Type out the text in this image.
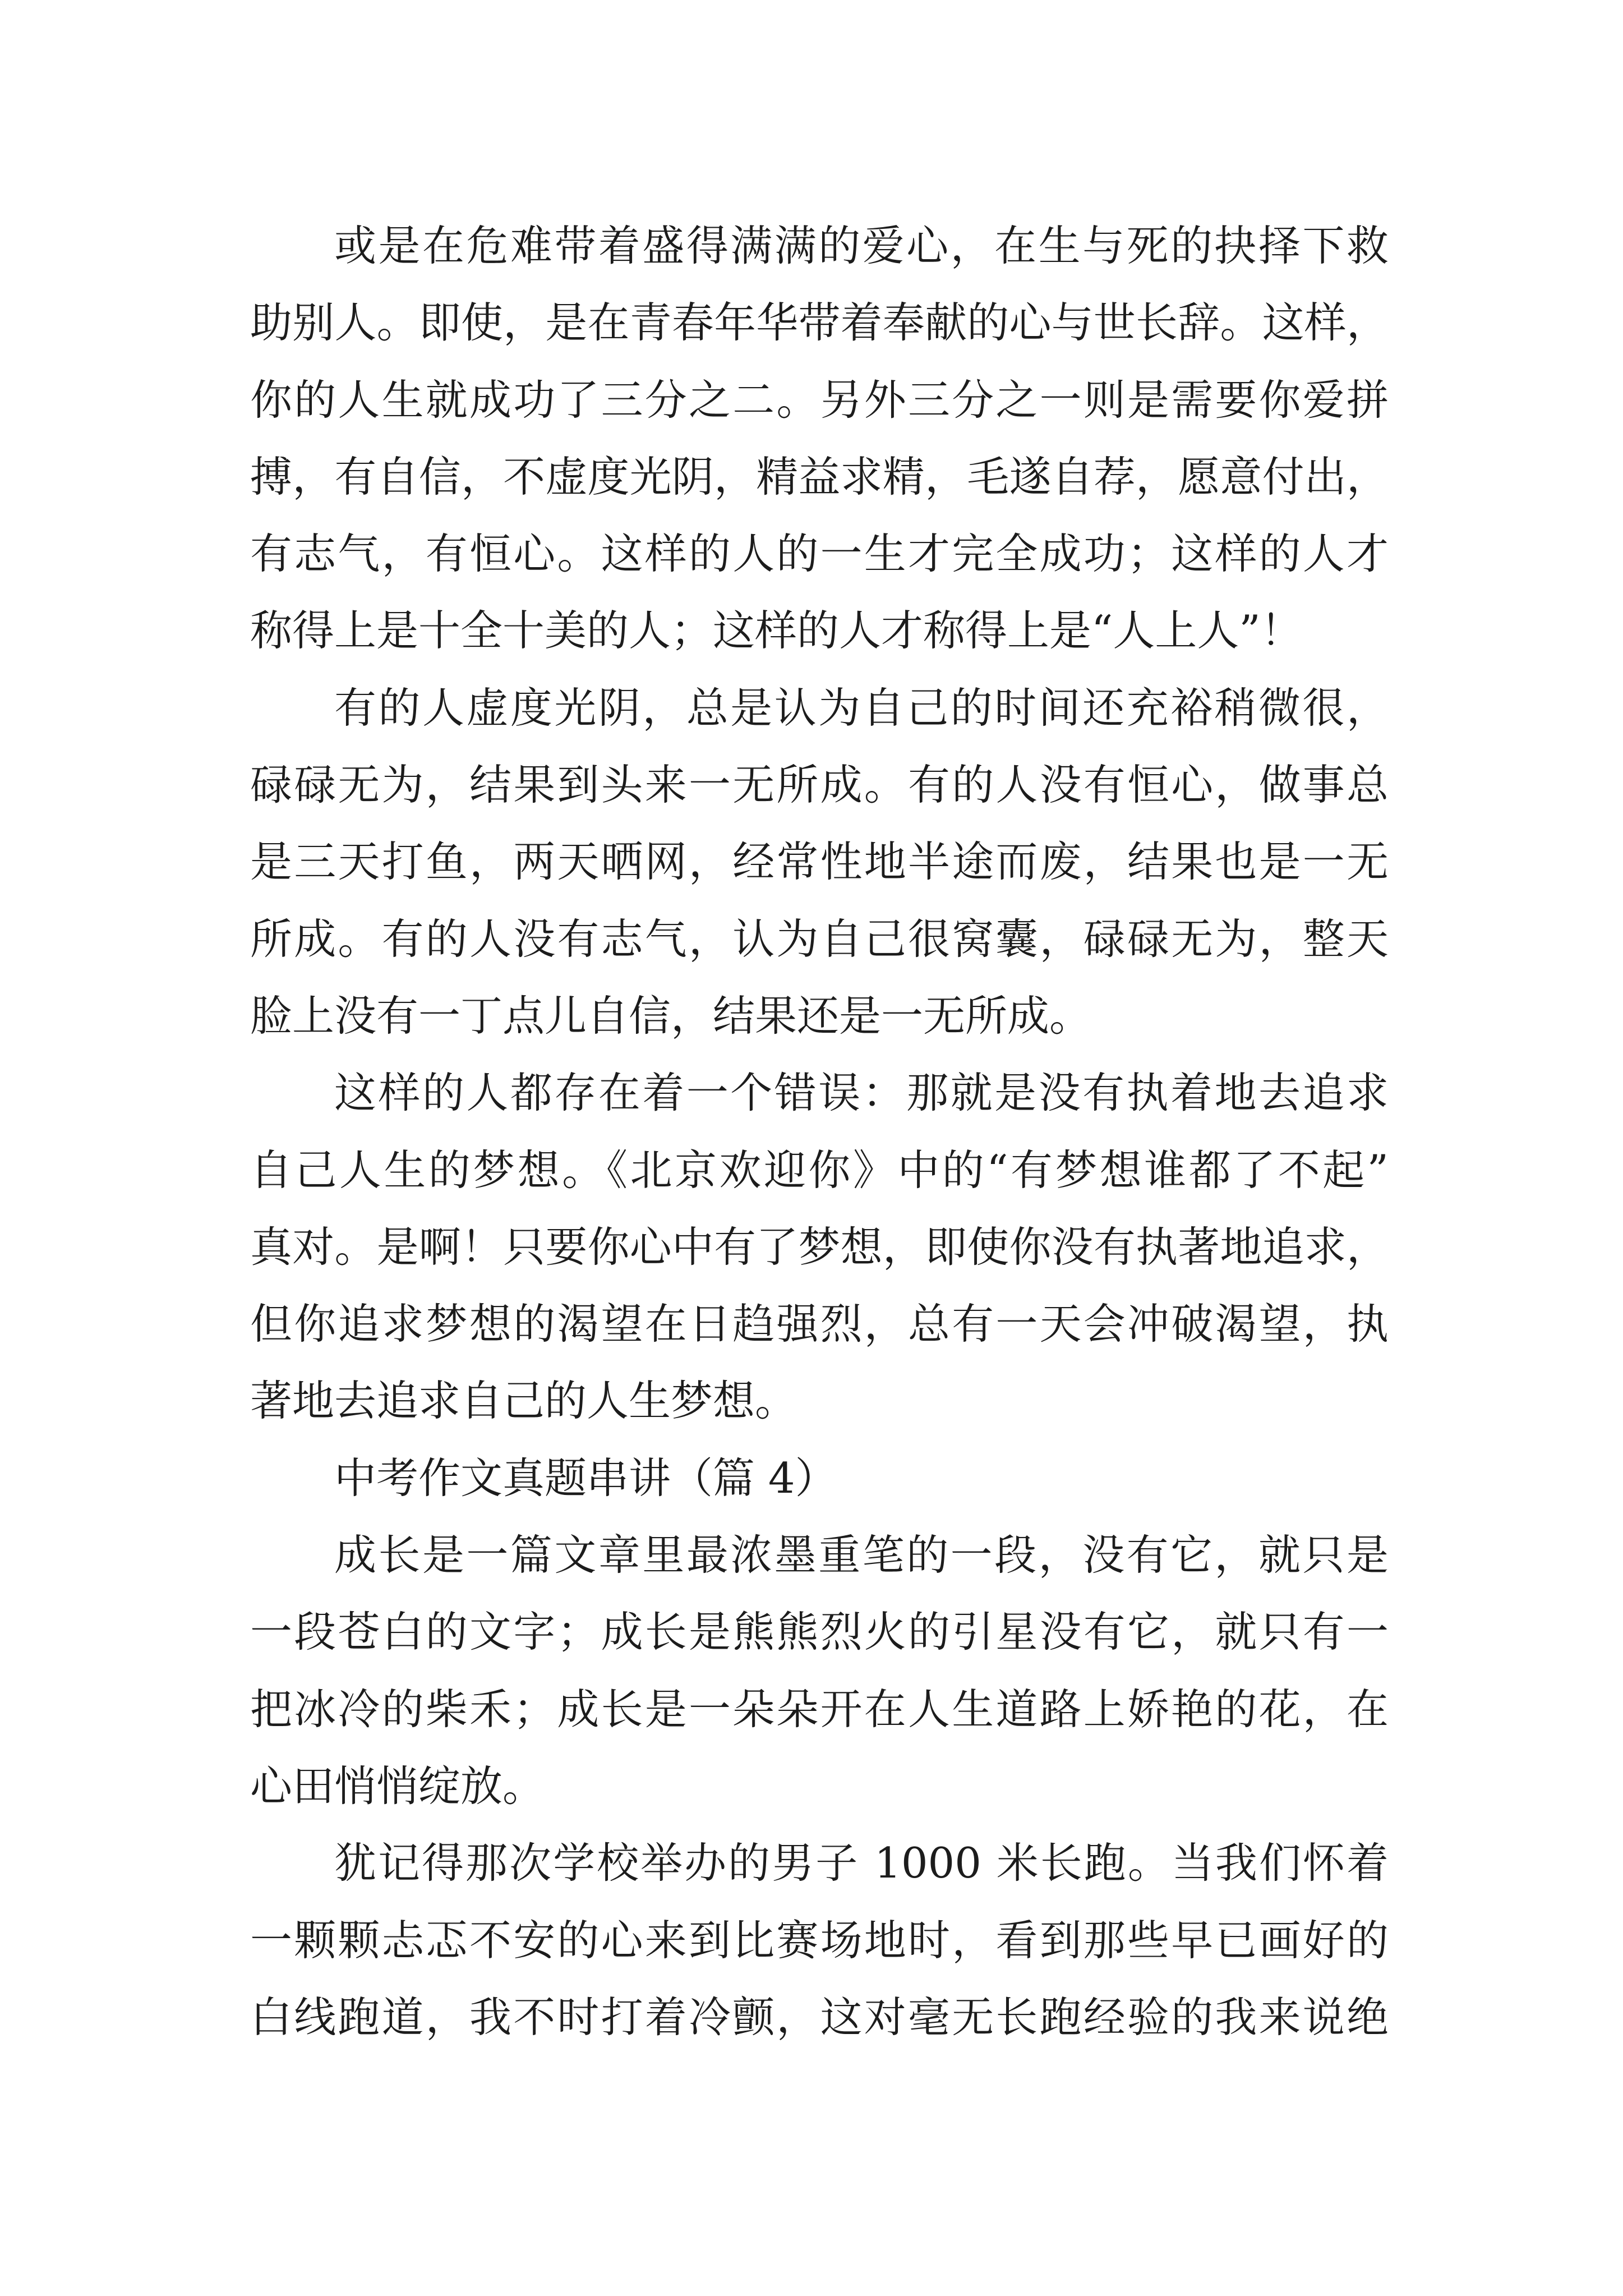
或是在危难带着盛得满满的爱心，在生与死的抉择下救
助别人。即使，是在青春年华带着奉献的心与世长辞。这样，
你的人生就成功了三分之二。另外三分之一则是需要你爱拼
搏，有自信，不虚度光阴，精益求精，毛遂自荐，愿意付出，
有志气，有恒心。这样的人的一生才完全成功；这样的人才
称得上是十全十美的人；这样的人才称得上是“人上人”！
有的人虚度光阴，总是认为自己的时间还充裕稍微很，
碌碌无为，结果到头来一无所成。有的人没有恒心，做事总
是三天打鱼，两天晒网，经常性地半途而废，结果也是一无
所成。有的人没有志气，认为自己很窝囊，碌碌无为，整天
脸上没有一丁点儿自信，结果还是一无所成。
这样的人都存在着一个错误：那就是没有执着地去追求
自己人生的梦想。《北京欢迎你》中的“有梦想谁都了不起”
真对。是啊！只要你心中有了梦想，即使你没有执著地追求，
但你追求梦想的渴望在日趋强烈，总有一天会冲破渴望，执
著地去追求自己的人生梦想。
中考作文真题串讲（篇 4）
成长是一篇文章里最浓墨重笔的一段，没有它，就只是
一段苍白的文字；成长是熊熊烈火的引星没有它，就只有一
把冰冷的柴禾；成长是一朵朵开在人生道路上娇艳的花，在
心田悄悄绽放。
犹记得那次学校举办的男子 1000 米长跑。当我们怀着
一颗颗忐忑不安的心来到比赛场地时，看到那些早已画好的
白线跑道，我不时打着冷颤，这对毫无长跑经验的我来说绝
